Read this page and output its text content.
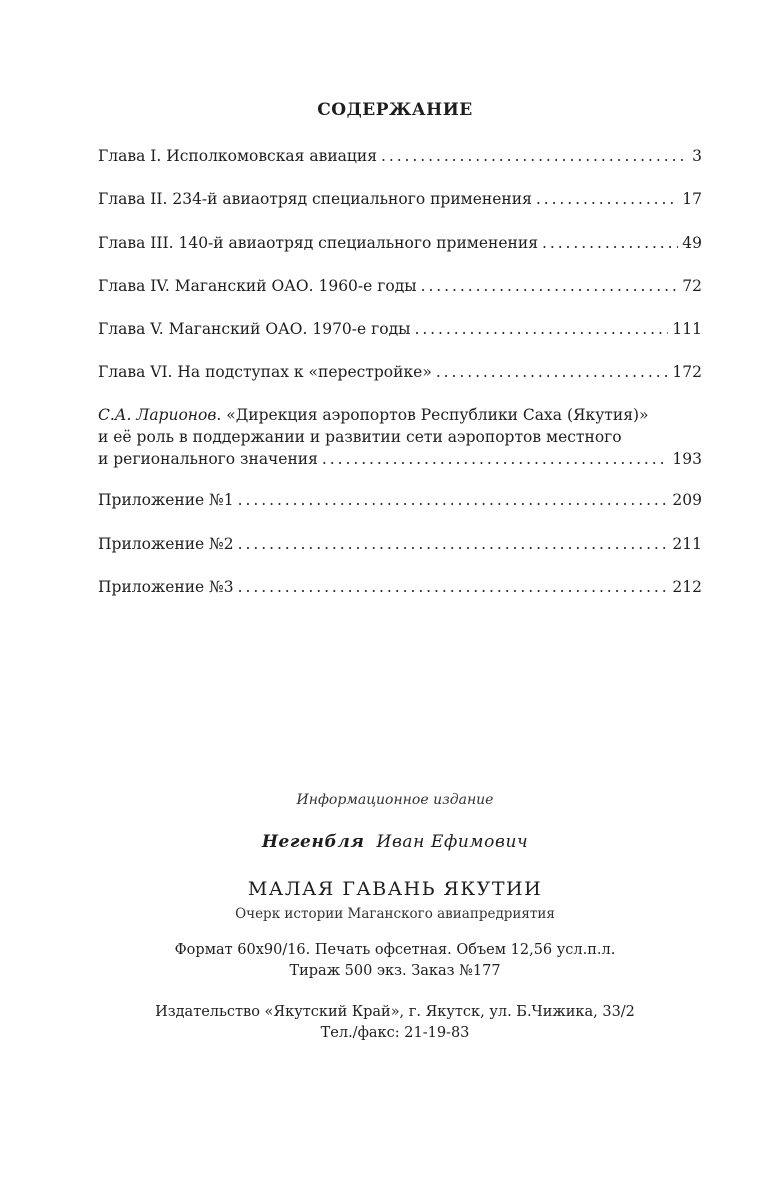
СОДЕРЖАНИЕ
Глава I. Исполкомовская авиация . . .	3
Глава II. 234-й авиаотряд специального применения . . .	17
Глава III. 140-й авиаотряд специального применения . . .	49
Глава IV. Маганский ОАО. 1960-е годы . . .	72
Глава V. Маганский ОАО. 1970-е годы . . .	111
Глава VI. На подступах к «перестройке» . . .	172
С.А. Ларионов. «Дирекция аэропортов Республики Саха (Якутия)»
и её роль в поддержании и развитии сети аэропортов местного
и регионального значения . . .	193
Приложение №1 . . .	209
Приложение №2 . . .	211
Приложение №3 . . .	212
Информационное издание
Негенбля Иван Ефимович
МАЛАЯ ГАВАНЬ ЯКУТИИ
Очерк истории Маганского авиапредриятия
Формат 60x90/16. Печать офсетная. Объем 12,56 усл.п.л.
Тираж 500 экз. Заказ №177
Издательство «Якутский Край», г. Якутск, ул. Б.Чижика, 33/2
Тел./факс: 21-19-83
